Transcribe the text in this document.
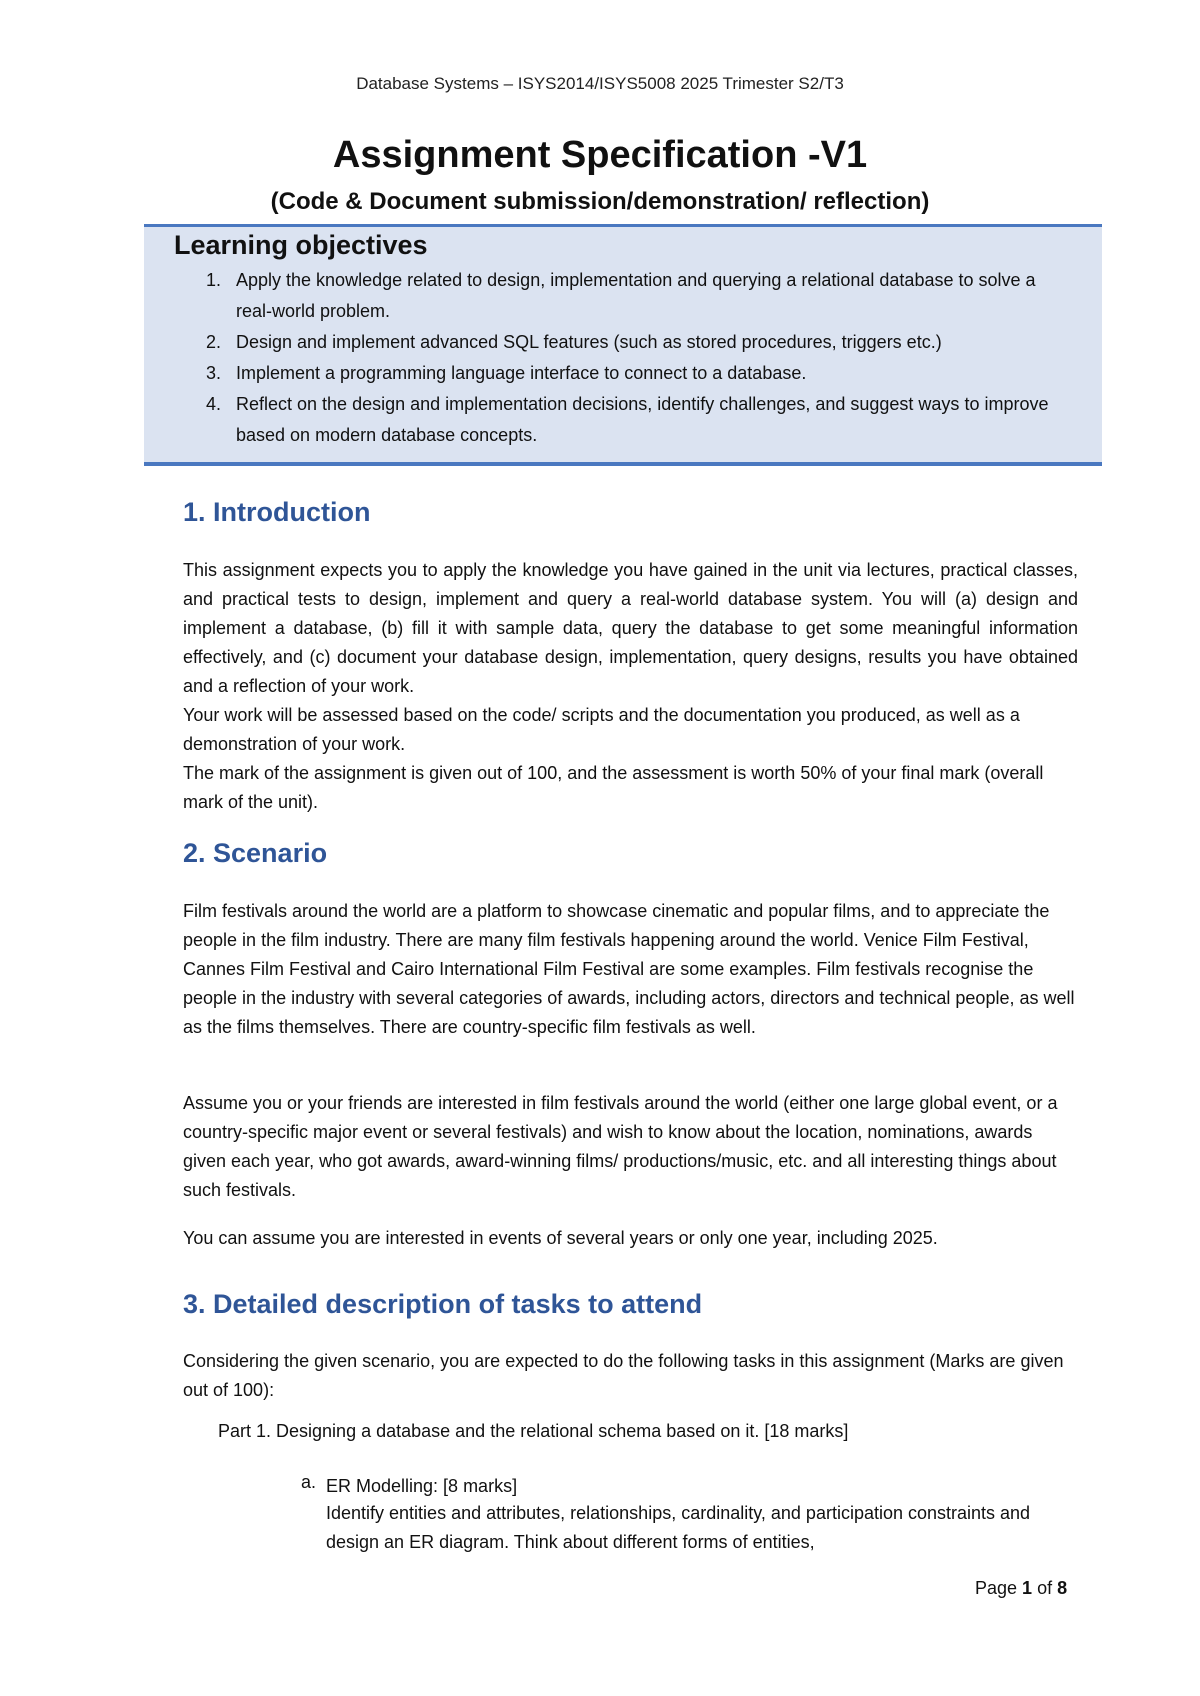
Database Systems – ISYS2014/ISYS5008 2025 Trimester S2/T3
Assignment Specification -V1
(Code & Document submission/demonstration/ reflection)
Learning objectives
1. Apply the knowledge related to design, implementation and querying a relational database to solve a real-world problem.
2. Design and implement advanced SQL features (such as stored procedures, triggers etc.)
3. Implement a programming language interface to connect to a database.
4. Reflect on the design and implementation decisions, identify challenges, and suggest ways to improve based on modern database concepts.
1. Introduction

This assignment expects you to apply the knowledge you have gained in the unit via lectures, practical classes, and practical tests to design, implement and query a real-world database system. You will (a) design and implement a database, (b) fill it with sample data, query the database to get some meaningful information effectively, and (c) document your database design, implementation, query designs, results you have obtained and a reflection of your work.

Your work will be assessed based on the code/ scripts and the documentation you produced, as well as a demonstration of your work.

The mark of the assignment is given out of 100, and the assessment is worth 50% of your final mark (overall mark of the unit).

2. Scenario

Film festivals around the world are a platform to showcase cinematic and popular films, and to appreciate the people in the film industry. There are many film festivals happening around the world. Venice Film Festival, Cannes Film Festival and Cairo International Film Festival are some examples. Film festivals recognise the people in the industry with several categories of awards, including actors, directors and technical people, as well as the films themselves. There are country-specific film festivals as well.

Assume you or your friends are interested in film festivals around the world (either one large global event, or a country-specific major event or several festivals) and wish to know about the location, nominations, awards given each year, who got awards, award-winning films/ productions/music, etc. and all interesting things about such festivals.

You can assume you are interested in events of several years or only one year, including 2025.

3. Detailed description of tasks to attend

Considering the given scenario, you are expected to do the following tasks in this assignment (Marks are given out of 100):

Part 1. Designing a database and the relational schema based on it. [18 marks]
a. ER Modelling: [8 marks]

Identify entities and attributes, relationships, cardinality, and participation constraints and design an ER diagram. Think about different forms of entities,

Page 1 of 8
